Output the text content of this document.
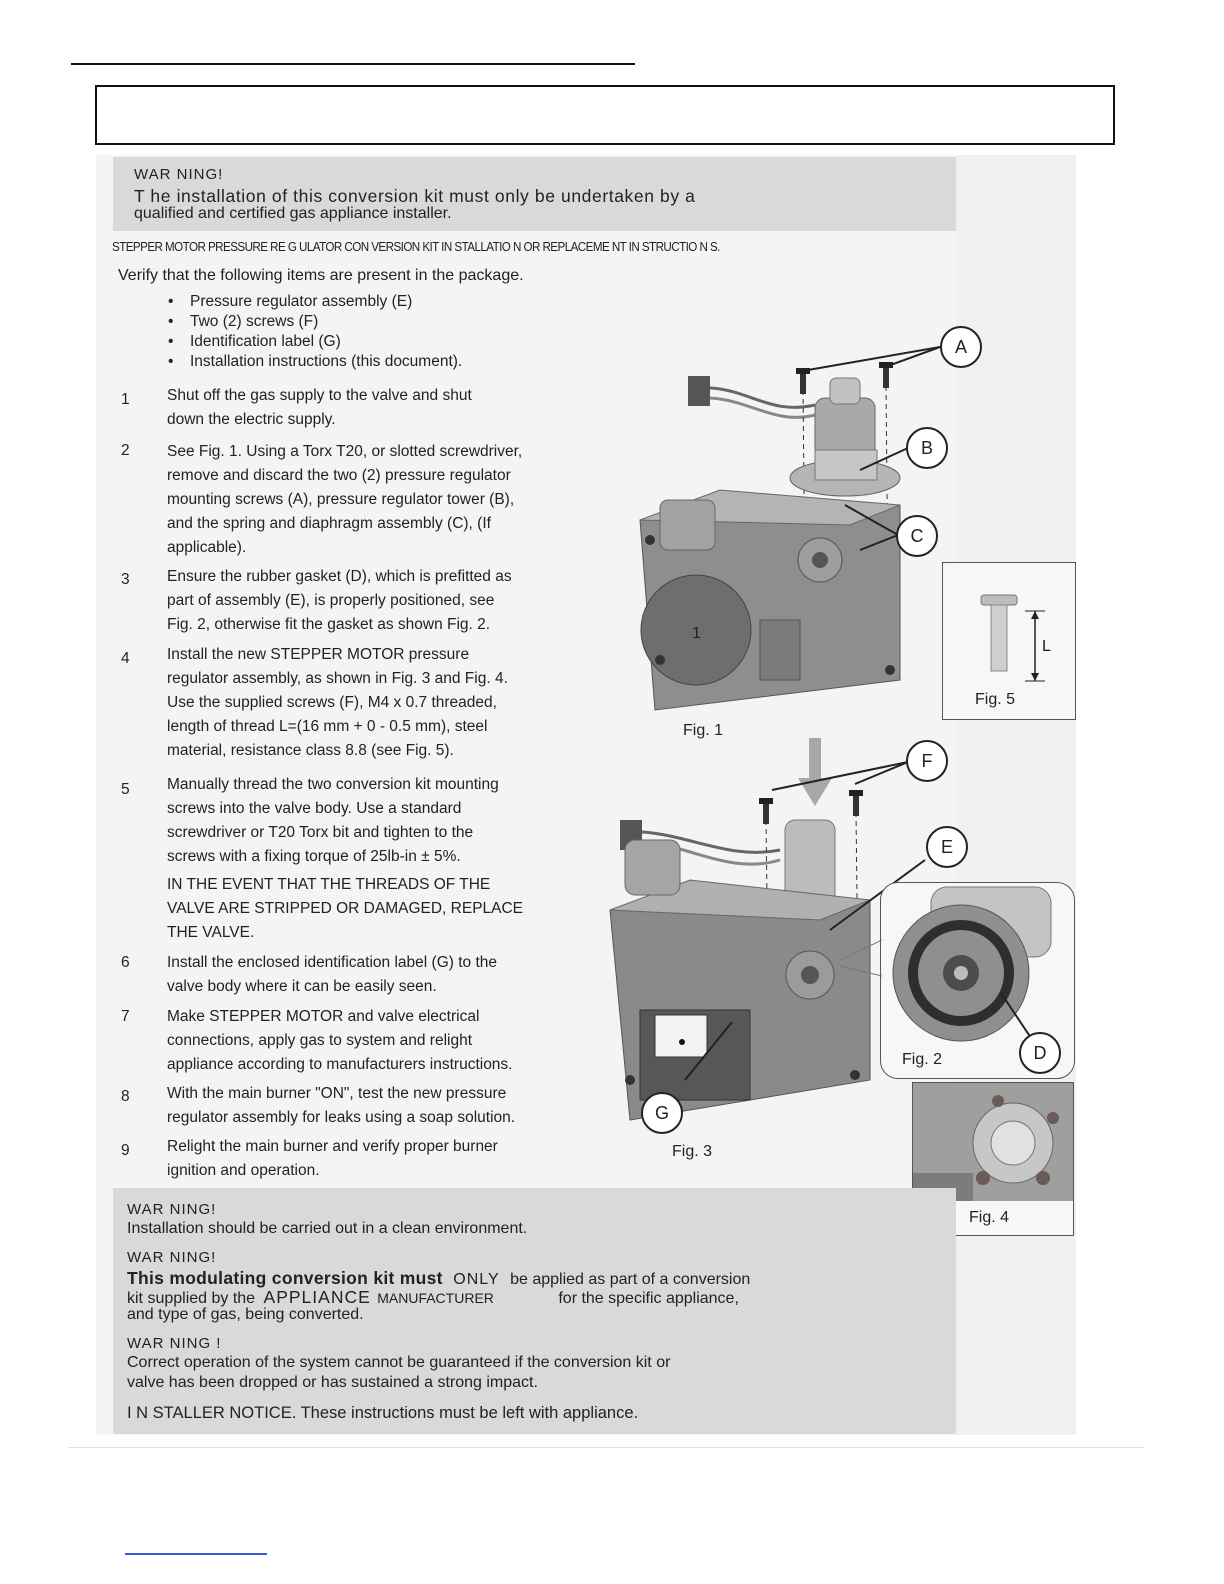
WAR NING!
T he installation of this conversion kit must only be undertaken by a
qualified and certified gas appliance installer.
STEPPER MOTOR PRESSURE RE G ULATOR CON VERSION KIT IN STALLATIO N OR REPLACEME NT IN STRUCTIO N S.
Verify that the following items are present in the package.
• Pressure regulator assembly (E)
• Two (2) screws (F)
• Identification label (G)
• Installation instructions (this document).
1 Shut off the gas supply to the valve and shut
down the electric supply.
2 See Fig. 1. Using a Torx T20, or slotted screwdriver,
remove and discard the two (2) pressure regulator
mounting screws (A), pressure regulator tower (B),
and the spring and diaphragm assembly (C), (If
applicable).
3 Ensure the rubber gasket (D), which is prefitted as
part of assembly (E), is properly positioned, see
Fig. 2, otherwise fit the gasket as shown Fig. 2.
4 Install the new STEPPER MOTOR pressure
regulator assembly, as shown in Fig. 3 and Fig. 4.
Use the supplied screws (F), M4 x 0.7 threaded,
length of thread L=(16 mm + 0 - 0.5 mm), steel
material, resistance class 8.8 (see Fig. 5).
5 Manually thread the two conversion kit mounting
screws into the valve body. Use a standard
screwdriver or T20 Torx bit and tighten to the
screws with a fixing torque of 25lb-in ± 5%.
IN THE EVENT THAT THE THREADS OF THE
VALVE ARE STRIPPED OR DAMAGED, REPLACE
THE VALVE.
6 Install the enclosed identification label (G) to the
valve body where it can be easily seen.
7 Make STEPPER MOTOR and valve electrical
connections, apply gas to system and relight
appliance according to manufacturers instructions.
8 With the main burner "ON", test the new pressure
regulator assembly for leaks using a soap solution.
9 Relight the main burner and verify proper burner
ignition and operation.
1
A
B
C
Fig. 1
L
Fig. 5
F
E
G
Fig. 3
Fig. 2	D
Fig. 4
WAR NING!
Installation should be carried out in a clean environment.
WAR NING!
This modulating conversion kit must ONLY be applied as part of a conversion
kit supplied by the APPLIANCE MANUFACTURER	for the specific appliance,
and type of gas, being converted.
WAR NING !
Correct operation of the system cannot be guaranteed if the conversion kit or
valve has been dropped or has sustained a strong impact.
I N STALLER NOTICE. These instructions must be left with appliance.
